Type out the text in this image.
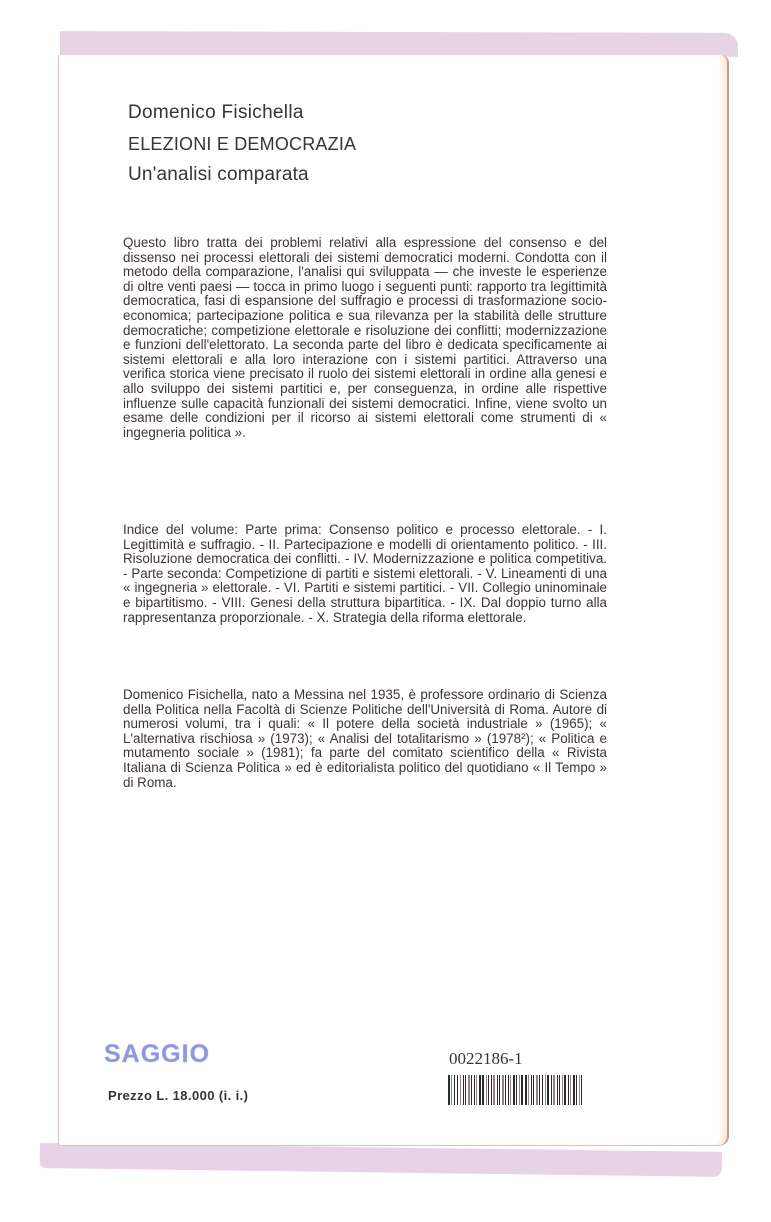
Domenico Fisichella
ELEZIONI E DEMOCRAZIA
Un'analisi comparata

Questo libro tratta dei problemi relativi alla espressione del consenso e del dissenso nei processi elettorali dei sistemi democratici moderni. Condotta con il metodo della comparazione, l'analisi qui sviluppata — che investe le esperienze di oltre venti paesi — tocca in primo luogo i seguenti punti: rapporto tra legittimità democratica, fasi di espansione del suffragio e processi di trasformazione socio-economica; partecipazione politica e sua rilevanza per la stabilità delle strutture democratiche; competizione elettorale e risoluzione dei conflitti; modernizzazione e funzioni dell'elettorato. La seconda parte del libro è dedicata specificamente ai sistemi elettorali e alla loro interazione con i sistemi partitici. Attraverso una verifica storica viene precisato il ruolo dei sistemi elettorali in ordine alla genesi e allo sviluppo dei sistemi partitici e, per conseguenza, in ordine alle rispettive influenze sulle capacità funzionali dei sistemi democratici. Infine, viene svolto un esame delle condizioni per il ricorso ai sistemi elettorali come strumenti di « ingegneria politica ».

Indice del volume: Parte prima: Consenso politico e processo elettorale. - I. Legittimità e suffragio. - II. Partecipazione e modelli di orientamento politico. - III. Risoluzione democratica dei conflitti. - IV. Modernizzazione e politica competitiva. - Parte seconda: Competizione di partiti e sistemi elettorali. - V. Lineamenti di una « ingegneria » elettorale. - VI. Partiti e sistemi partitici. - VII. Collegio uninominale e bipartitismo. - VIII. Genesi della struttura bipartitica. - IX. Dal doppio turno alla rappresentanza proporzionale. - X. Strategia della riforma elettorale.

Domenico Fisichella, nato a Messina nel 1935, è professore ordinario di Scienza della Politica nella Facoltà di Scienze Politiche dell'Università di Roma. Autore di numerosi volumi, tra i quali: « Il potere della società industriale » (1965); « L'alternativa rischiosa » (1973); « Analisi del totalitarismo » (1978²); « Politica e mutamento sociale » (1981); fa parte del comitato scientifico della « Rivista Italiana di Scienza Politica » ed è editorialista politico del quotidiano « Il Tempo » di Roma.

SAGGIO
Prezzo L. 18.000 (i. i.)
0022186-1
